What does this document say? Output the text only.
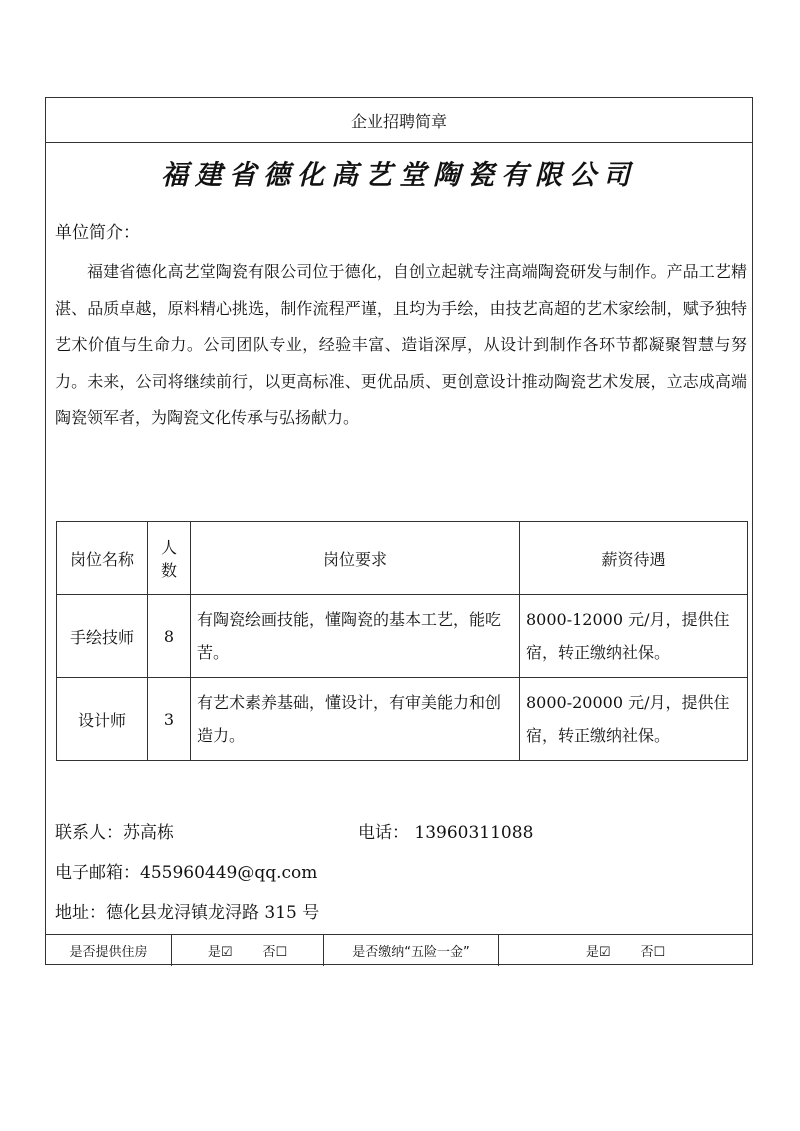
企业招聘简章
福建省德化高艺堂陶瓷有限公司
单位简介：

福建省德化高艺堂陶瓷有限公司位于德化，自创立起就专注高端陶瓷研发与制作。产品工艺精湛、品质卓越，原料精心挑选，制作流程严谨，且均为手绘，由技艺高超的艺术家绘制，赋予独特艺术价值与生命力。公司团队专业，经验丰富、造诣深厚，从设计到制作各环节都凝聚智慧与努力。未来，公司将继续前行，以更高标准、更优品质、更创意设计推动陶瓷艺术发展，立志成高端陶瓷领军者，为陶瓷文化传承与弘扬献力。

岗位名称	人数	岗位要求	薪资待遇
手绘技师	8	有陶瓷绘画技能，懂陶瓷的基本工艺，能吃苦。	8000-12000 元/月，提供住宿，转正缴纳社保。
设计师	3	有艺术素养基础，懂设计，有审美能力和创造力。	8000-20000 元/月，提供住宿，转正缴纳社保。
联系人：苏高栋	电话： 13960311088
电子邮箱：455960449@qq.com
地址：德化县龙浔镇龙浔路 315 号
是否提供住房	是☑ 否☐	是否缴纳“五险一金”	是☑ 否☐
